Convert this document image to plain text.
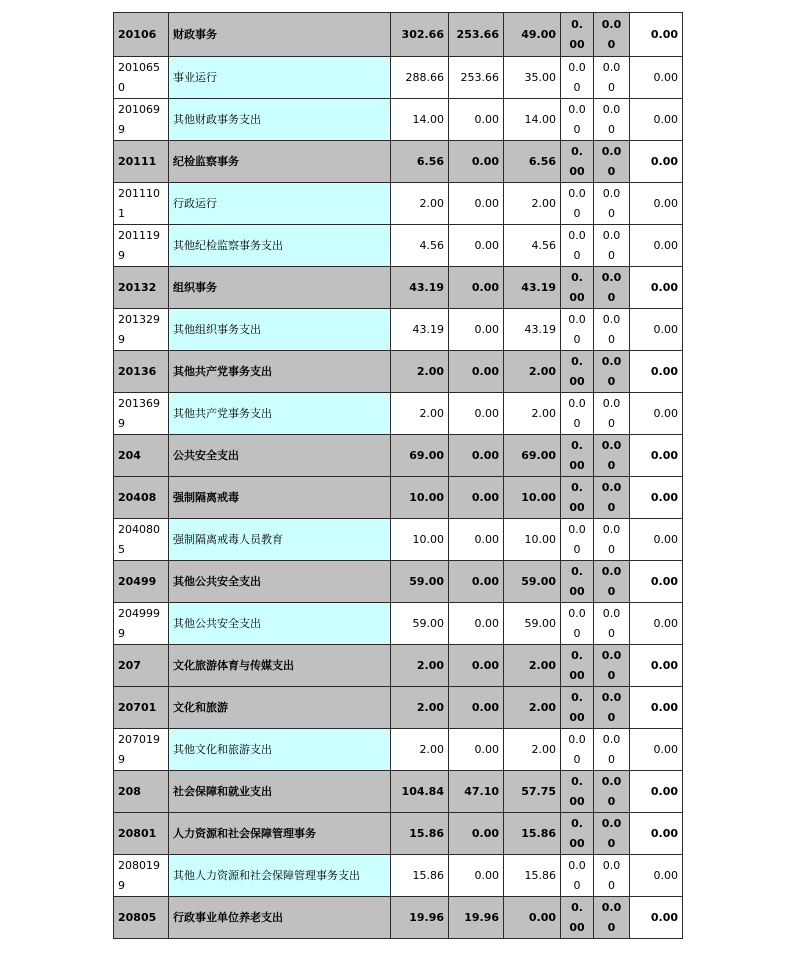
20106	财政事务	302.66	253.66	49.00	0.00	0.00	0.00
2010650	事业运行	288.66	253.66	35.00	0.00	0.00	0.00
2010699	其他财政事务支出	14.00	0.00	14.00	0.00	0.00	0.00
20111	纪检监察事务	6.56	0.00	6.56	0.00	0.00	0.00
2011101	行政运行	2.00	0.00	2.00	0.00	0.00	0.00
2011199	其他纪检监察事务支出	4.56	0.00	4.56	0.00	0.00	0.00
20132	组织事务	43.19	0.00	43.19	0.00	0.00	0.00
2013299	其他组织事务支出	43.19	0.00	43.19	0.00	0.00	0.00
20136	其他共产党事务支出	2.00	0.00	2.00	0.00	0.00	0.00
2013699	其他共产党事务支出	2.00	0.00	2.00	0.00	0.00	0.00
204	公共安全支出	69.00	0.00	69.00	0.00	0.00	0.00
20408	强制隔离戒毒	10.00	0.00	10.00	0.00	0.00	0.00
2040805	强制隔离戒毒人员教育	10.00	0.00	10.00	0.00	0.00	0.00
20499	其他公共安全支出	59.00	0.00	59.00	0.00	0.00	0.00
2049999	其他公共安全支出	59.00	0.00	59.00	0.00	0.00	0.00
207	文化旅游体育与传媒支出	2.00	0.00	2.00	0.00	0.00	0.00
20701	文化和旅游	2.00	0.00	2.00	0.00	0.00	0.00
2070199	其他文化和旅游支出	2.00	0.00	2.00	0.00	0.00	0.00
208	社会保障和就业支出	104.84	47.10	57.75	0.00	0.00	0.00
20801	人力资源和社会保障管理事务	15.86	0.00	15.86	0.00	0.00	0.00
2080199	其他人力资源和社会保障管理事务支出	15.86	0.00	15.86	0.00	0.00	0.00
20805	行政事业单位养老支出	19.96	19.96	0.00	0.00	0.00	0.00
